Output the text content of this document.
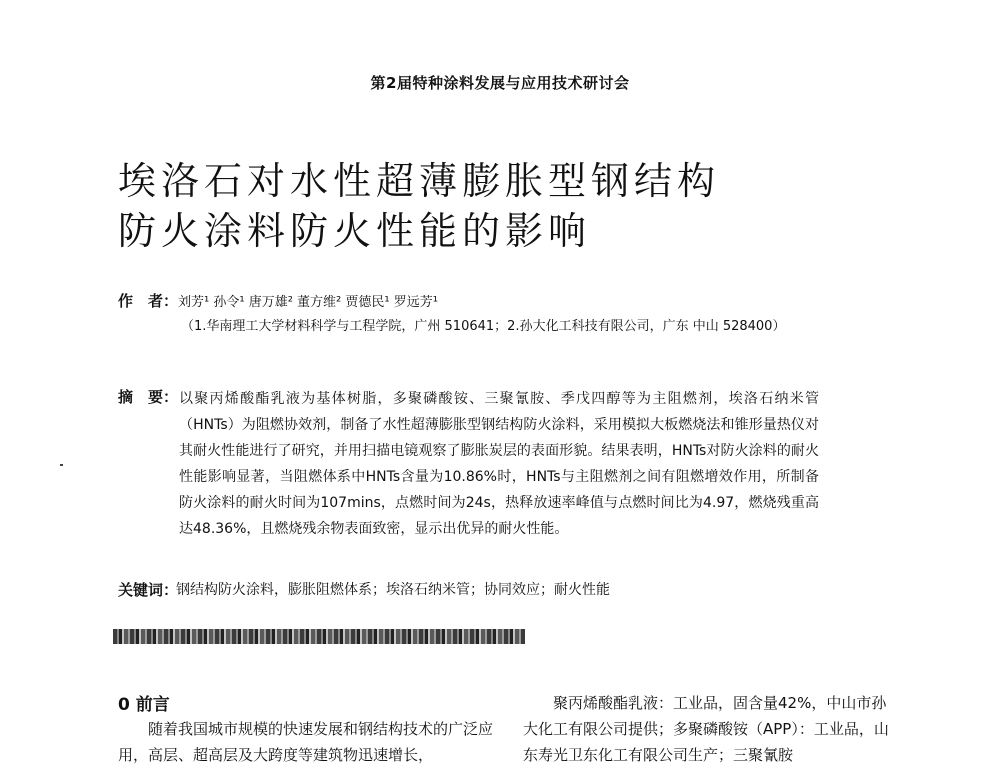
第2届特种涂料发展与应用技术研讨会
埃洛石对水性超薄膨胀型钢结构
防火涂料防火性能的影响
作　者：刘芳¹ 孙令¹ 唐万雄² 董方维² 贾德民¹ 罗远芳¹
（1.华南理工大学材料科学与工程学院，广州 510641；2.孙大化工科技有限公司，广东 中山 528400）
摘　要： 以聚丙烯酸酯乳液为基体树脂，多聚磷酸铵、三聚氰胺、季戊四醇等为主阻燃剂，埃洛石纳米管（HNTs）为阻燃协效剂，制备了水性超薄膨胀型钢结构防火涂料，采用模拟大板燃烧法和锥形量热仪对其耐火性能进行了研究，并用扫描电镜观察了膨胀炭层的表面形貌。结果表明，HNTs对防火涂料的耐火性能影响显著，当阻燃体系中HNTs含量为10.86%时，HNTs与主阻燃剂之间有阻燃增效作用，所制备防火涂料的耐火时间为107mins，点燃时间为24s，热释放速率峰值与点燃时间比为4.97，燃烧残重高达48.36%，且燃烧残余物表面致密，显示出优异的耐火性能。
关键词：
钢结构防火涂料，膨胀阻燃体系；埃洛石纳米管；协同效应；耐火性能
0 前言

随着我国城市规模的快速发展和钢结构技术的广泛应用，高层、超高层及大跨度等建筑物迅速增长，

聚丙烯酸酯乳液：工业品，固含量42%，中山市孙大化工有限公司提供；多聚磷酸铵（APP）：工业品，山东寿光卫东化工有限公司生产；三聚氰胺
